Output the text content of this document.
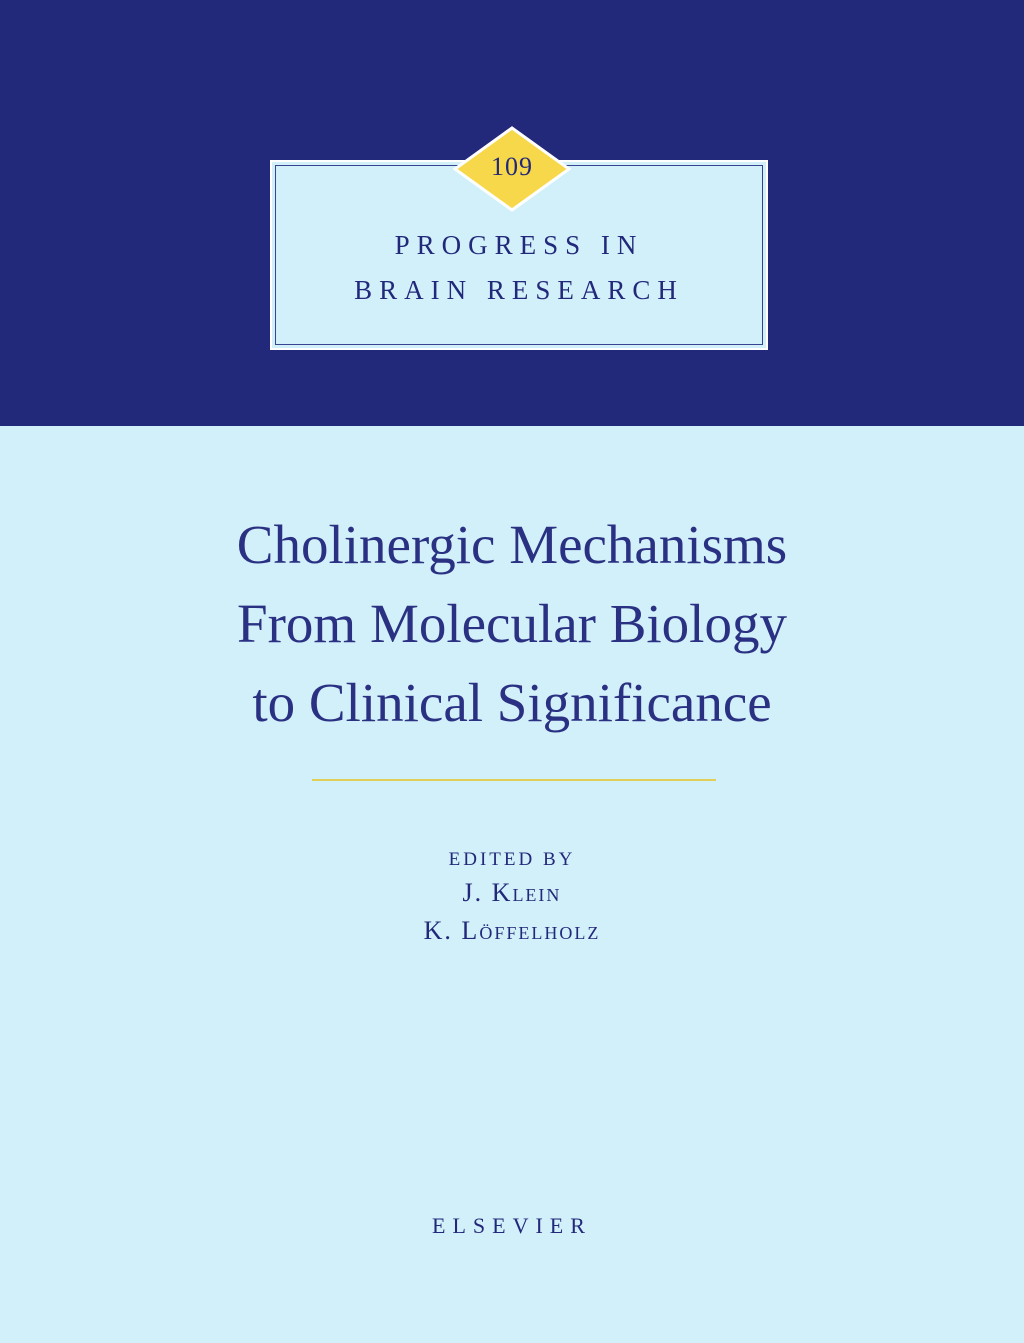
PROGRESS IN
BRAIN RESEARCH
109
Cholinergic Mechanisms
From Molecular Biology
to Clinical Significance
EDITED BY
J. Klein
K. Löffelholz
ELSEVIER
